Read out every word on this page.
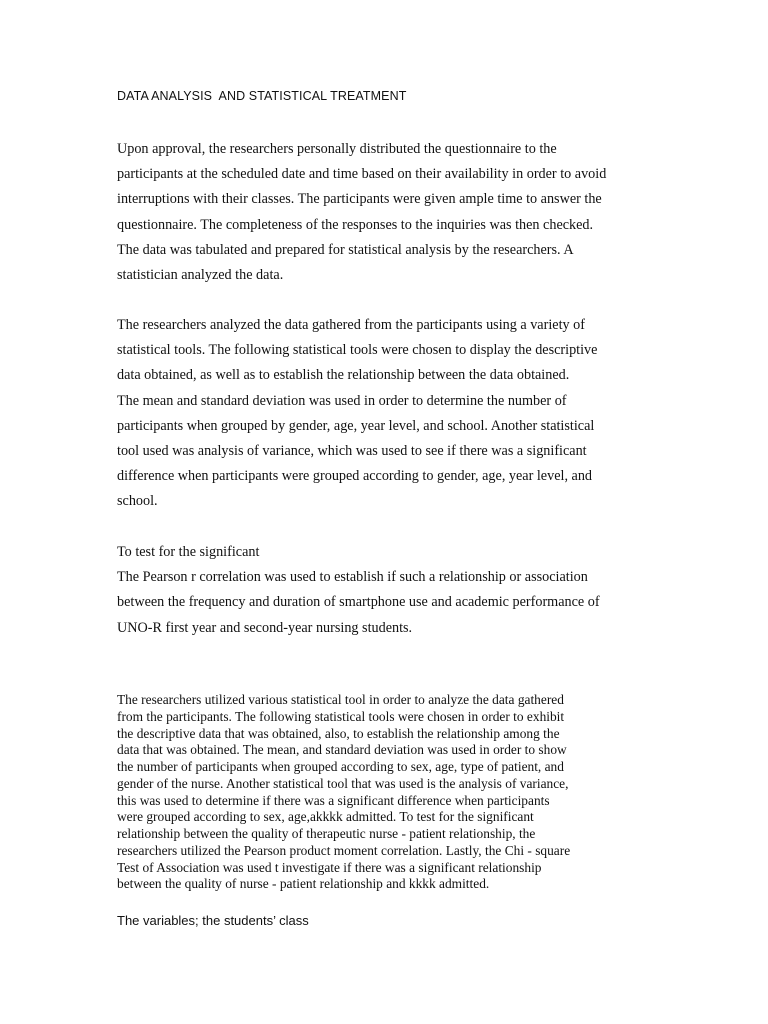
DATA ANALYSIS  AND STATISTICAL TREATMENT

Upon approval, the researchers personally distributed the questionnaire to the
participants at the scheduled date and time based on their availability in order to avoid
interruptions with their classes. The participants were given ample time to answer the
questionnaire. The completeness of the responses to the inquiries was then checked.
The data was tabulated and prepared for statistical analysis by the researchers. A
statistician analyzed the data.

The researchers analyzed the data gathered from the participants using a variety of
statistical tools. The following statistical tools were chosen to display the descriptive
data obtained, as well as to establish the relationship between the data obtained.
The mean and standard deviation was used in order to determine the number of
participants when grouped by gender, age, year level, and school. Another statistical
tool used was analysis of variance, which was used to see if there was a significant
difference when participants were grouped according to gender, age, year level, and
school.

To test for the significant
The Pearson r correlation was used to establish if such a relationship or association
between the frequency and duration of smartphone use and academic performance of
UNO-R first year and second-year nursing students.

The researchers utilized various statistical tool in order to analyze the data gathered
from the participants. The following statistical tools were chosen in order to exhibit
the descriptive data that was obtained, also, to establish the relationship among the
data that was obtained. The mean, and standard deviation was used in order to show
the number of participants when grouped according to sex, age, type of patient, and
gender of the nurse. Another statistical tool that was used is the analysis of variance,
this was used to determine if there was a significant difference when participants
were grouped according to sex, age,akkkk admitted. To test for the significant
relationship between the quality of therapeutic nurse - patient relationship, the
researchers utilized the Pearson product moment correlation. Lastly, the Chi - square
Test of Association was used t investigate if there was a significant relationship
between the quality of nurse - patient relationship and kkkk admitted.

The variables; the students’ class
